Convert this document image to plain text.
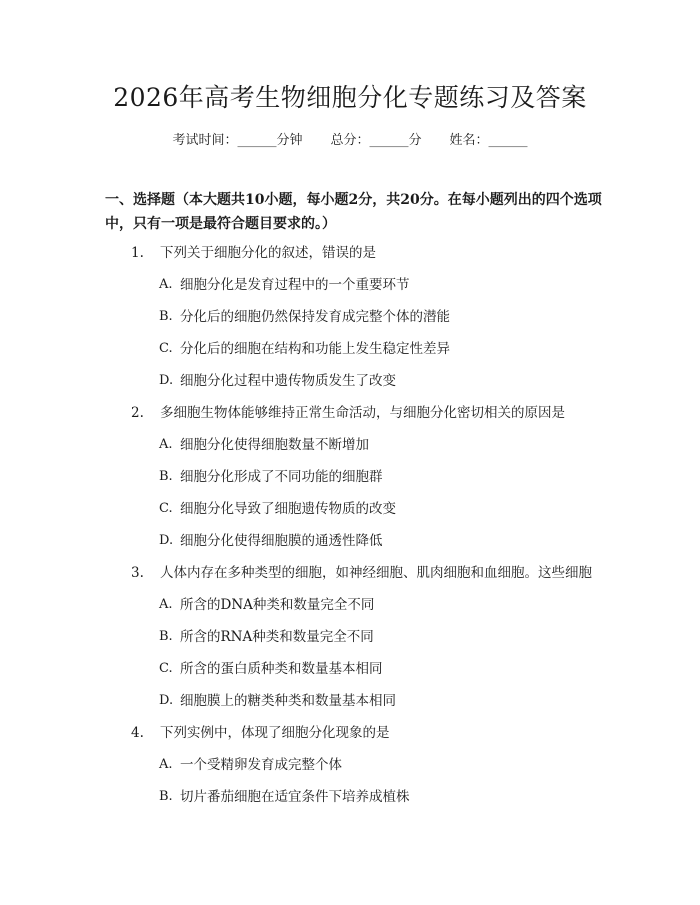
2026年高考生物细胞分化专题练习及答案
考试时间：______分钟 总分：______分 姓名：______
一、选择题（本大题共10小题，每小题2分，共20分。在每小题列出的四个选项中，只有一项是最符合题目要求的。）
1. 下列关于细胞分化的叙述，错误的是
A. 细胞分化是发育过程中的一个重要环节
B. 分化后的细胞仍然保持发育成完整个体的潜能
C. 分化后的细胞在结构和功能上发生稳定性差异
D. 细胞分化过程中遗传物质发生了改变
2. 多细胞生物体能够维持正常生命活动，与细胞分化密切相关的原因是
A. 细胞分化使得细胞数量不断增加
B. 细胞分化形成了不同功能的细胞群
C. 细胞分化导致了细胞遗传物质的改变
D. 细胞分化使得细胞膜的通透性降低
3. 人体内存在多种类型的细胞，如神经细胞、肌肉细胞和血细胞。这些细胞
A. 所含的DNA种类和数量完全不同
B. 所含的RNA种类和数量完全不同
C. 所含的蛋白质种类和数量基本相同
D. 细胞膜上的糖类种类和数量基本相同
4. 下列实例中，体现了细胞分化现象的是
A. 一个受精卵发育成完整个体
B. 切片番茄细胞在适宜条件下培养成植株
